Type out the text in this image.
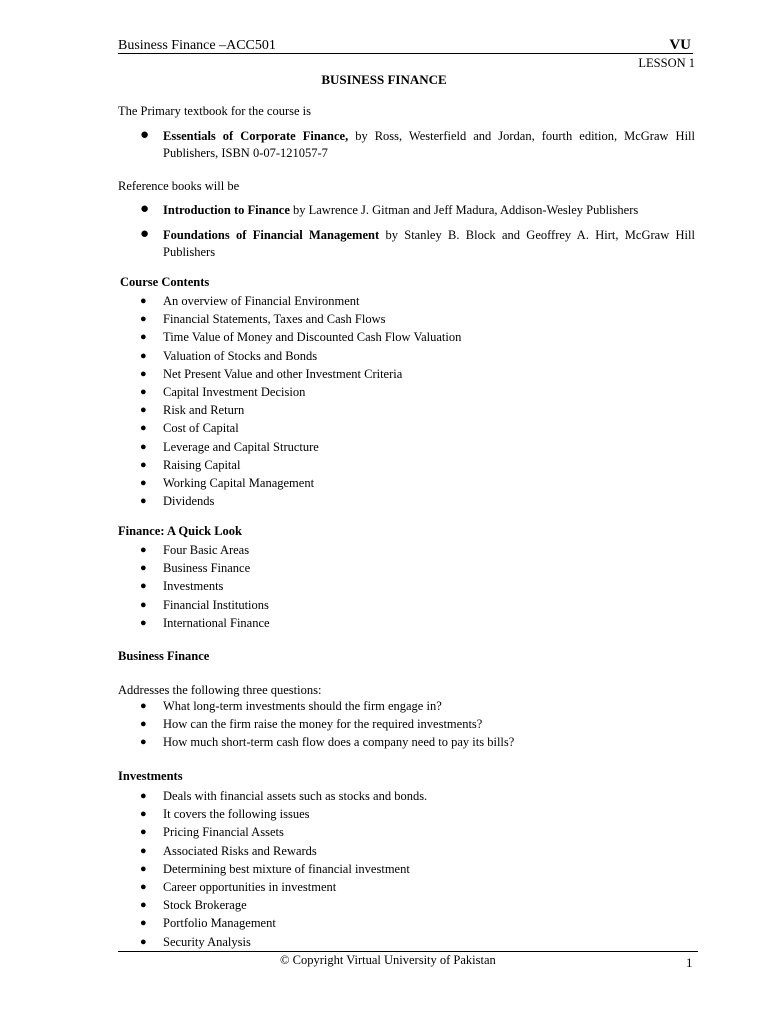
Business Finance –ACC501	VU
LESSON 1
BUSINESS FINANCE
The Primary textbook for the course is
● Essentials of Corporate Finance, by Ross, Westerfield and Jordan, fourth edition, McGraw Hill Publishers, ISBN 0-07-121057-7
Reference books will be
● Introduction to Finance by Lawrence J. Gitman and Jeff Madura, Addison-Wesley Publishers
● Foundations of Financial Management by Stanley B. Block and Geoffrey A. Hirt, McGraw Hill Publishers
Course Contents
● An overview of Financial Environment
● Financial Statements, Taxes and Cash Flows
● Time Value of Money and Discounted Cash Flow Valuation
● Valuation of Stocks and Bonds
● Net Present Value and other Investment Criteria
● Capital Investment Decision
● Risk and Return
● Cost of Capital
● Leverage and Capital Structure
● Raising Capital
● Working Capital Management
● Dividends
Finance: A Quick Look
● Four Basic Areas
● Business Finance
● Investments
● Financial Institutions
● International Finance
Business Finance
Addresses the following three questions:
● What long-term investments should the firm engage in?
● How can the firm raise the money for the required investments?
● How much short-term cash flow does a company need to pay its bills?
Investments
● Deals with financial assets such as stocks and bonds.
● It covers the following issues
● Pricing Financial Assets
● Associated Risks and Rewards
● Determining best mixture of financial investment
● Career opportunities in investment
● Stock Brokerage
● Portfolio Management
● Security Analysis
© Copyright Virtual University of Pakistan	1
